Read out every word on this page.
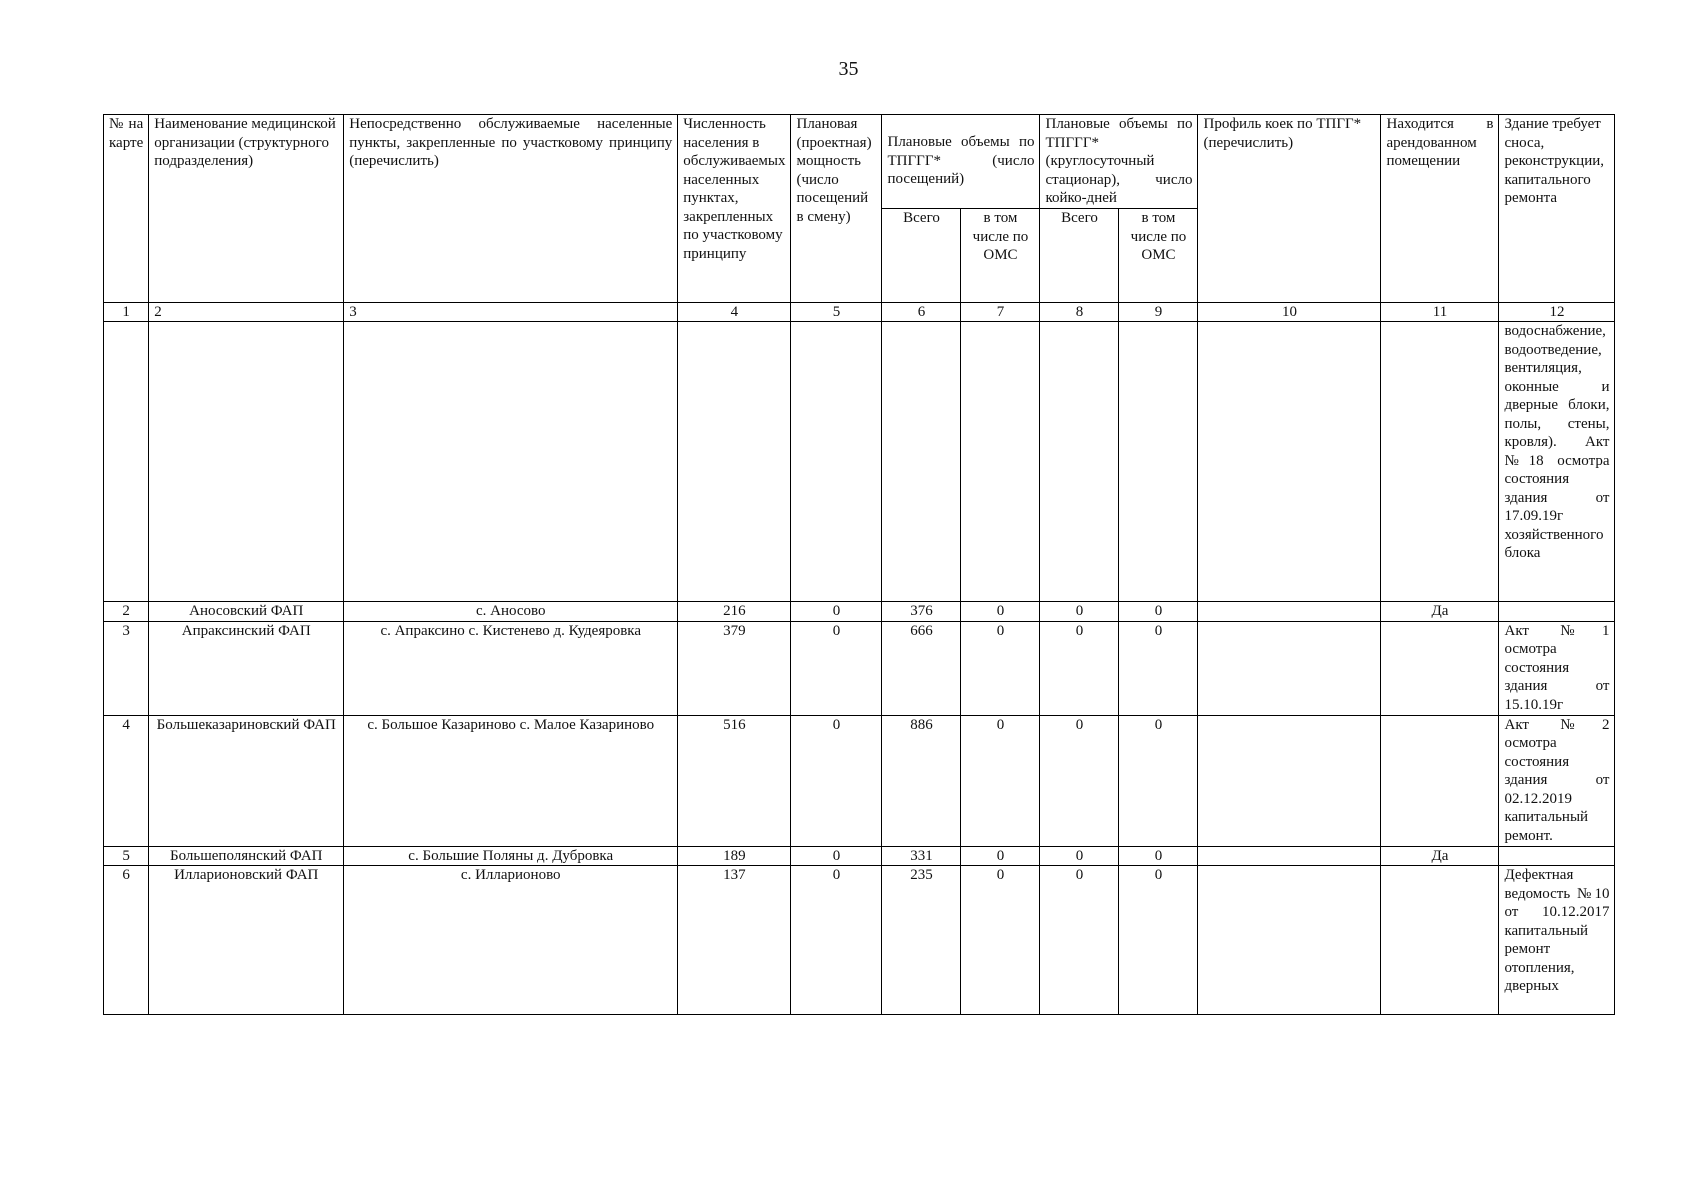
35
№ на карте	Наименование медицинской организации (структурного подразделения)	Непосредственно обслуживаемые населенные пункты, закрепленные по участковому принципу (перечислить)	Численность населения в обслуживаемых населенных пунктах, закрепленных по участковому принципу	Плановая (проектная) мощность (число посещений в смену)	Плановые объемы по ТПГГГ* (число посещений)		Плановые объемы по ТПГГГ* (круглосуточный стационар), число койко-дней		Профиль коек по ТПГГ* (перечислить)	Находится в арендованном помещении	Здание требует сноса, реконструкции, капитального ремонта
					Всего	в том числе по ОМС	Всего	в том числе по ОМС			
1	2	3	4	5	6	7	8	9	10	11	12
											водоснабжение, водоотведение, вентиляция, оконные и дверные блоки, полы, стены, кровля). Акт №18 осмотра состояния здания от 17.09.19г хозяйственного блока
2	Аносовский ФАП	с. Аносово	216	0	376	0	0	0		Да	
3	Апраксинский ФАП	с. Апраксино с. Кистенево д. Кудеяровка	379	0	666	0	0	0			Акт №1 осмотра состояния здания от 15.10.19г
4	Большеказариновский ФАП	с. Большое Казариново с. Малое Казариново	516	0	886	0	0	0			Акт №2 осмотра состояния здания от 02.12.2019 капитальный ремонт.
5	Большеполянский ФАП	с. Большие Поляны д. Дубровка	189	0	331	0	0	0		Да	
6	Илларионовский ФАП	с. Илларионово	137	0	235	0	0	0			Дефектная ведомость №10 от 10.12.2017 капитальный ремонт отопления, дверных
